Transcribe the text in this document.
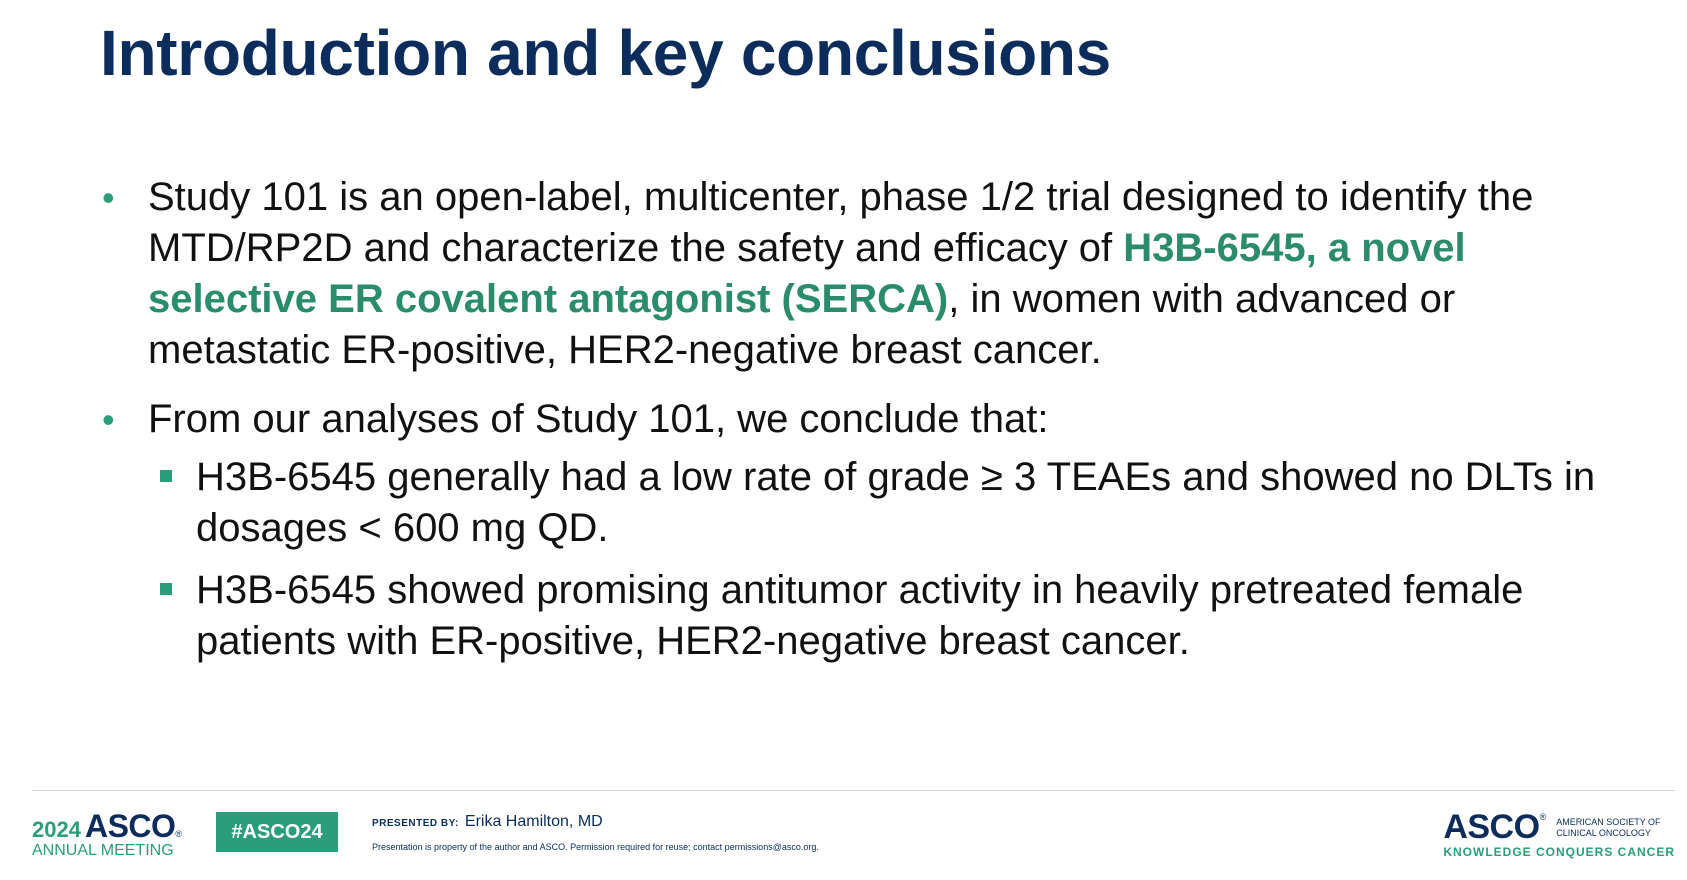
Introduction and key conclusions
• Study 101 is an open-label, multicenter, phase 1/2 trial designed to identify the MTD/RP2D and characterize the safety and efficacy of H3B-6545, a novel selective ER covalent antagonist (SERCA), in women with advanced or metastatic ER-positive, HER2-negative breast cancer.
• From our analyses of Study 101, we conclude that:
H3B-6545 generally had a low rate of grade ≥ 3 TEAEs and showed no DLTs in dosages < 600 mg QD.
H3B-6545 showed promising antitumor activity in heavily pretreated female patients with ER-positive, HER2-negative breast cancer.
2024 ASCO ®
ANNUAL MEETING
#ASCO24	PRESENTED BY: Erika Hamilton, MD
Presentation is property of the author and ASCO. Permission required for reuse; contact permissions@asco.org.
ASCO ® AMERICAN SOCIETY OF
CLINICAL ONCOLOGY
KNOWLEDGE CONQUERS CANCER
